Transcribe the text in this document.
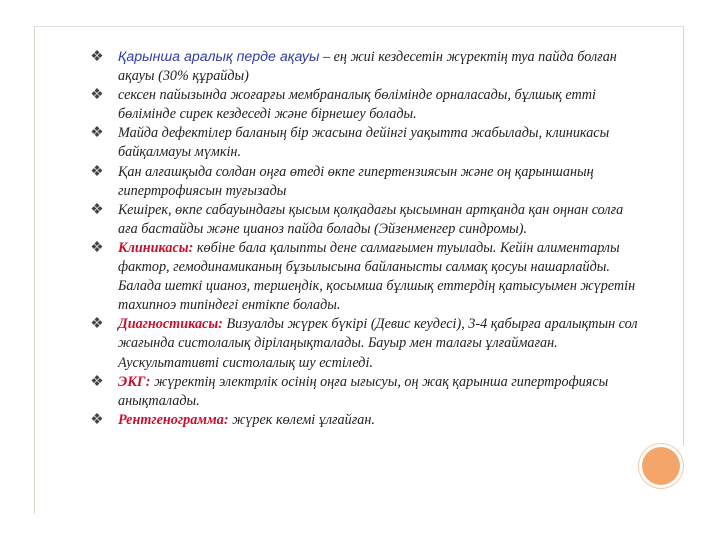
❖	Қарынша аралық перде ақауы – ең жиі кездесетін жүректің туа пайда болған ақауы (30% құрайды)

❖	сексен пайызында жоғарғы мембраналық бөлімінде орналасады, бұлшық етті бөлімінде сирек кездеседі және бірнешеу болады.

❖	Майда дефектілер баланың бір жасына дейінгі уақытта жабылады, клиникасы байқалмауы мүмкін.

❖	Қан алғашқыда солдан оңға өтеді өкпе гипертензиясын және оң қарыншаның гипертрофиясын туғызады

❖	Кешірек, өкпе сабауындағы қысым қолқадағы қысымнан артқанда қан оңнан солға ағa бастайды және цианоз пайда болады (Эйзенменгер синдромы).

❖	Клиникасы: көбіне бала қалыпты дене салмағымен туылады. Кейін алиментарлы фактор, гемодинамиканың бұзылысына байланысты салмақ қосуы нашарлайды. Балада шеткі цианоз, тершеңдік, қосымша бұлшық еттердің қатысуымен жүретін тахипноэ типіндегі ентікпе болады.

❖	Диагностикасы: Визуалды жүрек бүкірі (Девис кеудесі), 3-4 қабырға аралықтын сол жағында систолалық дірілаңықталады. Бауыр мен талағы ұлғаймаған. Аускультативті систолалық шу естіледі.

❖	ЭКГ: жүректің электрлік осінің оңға ығысуы, оң жақ қарынша гипертрофиясы анықталады.

❖	Рентгенограмма: жүрек көлемі ұлғайған.
